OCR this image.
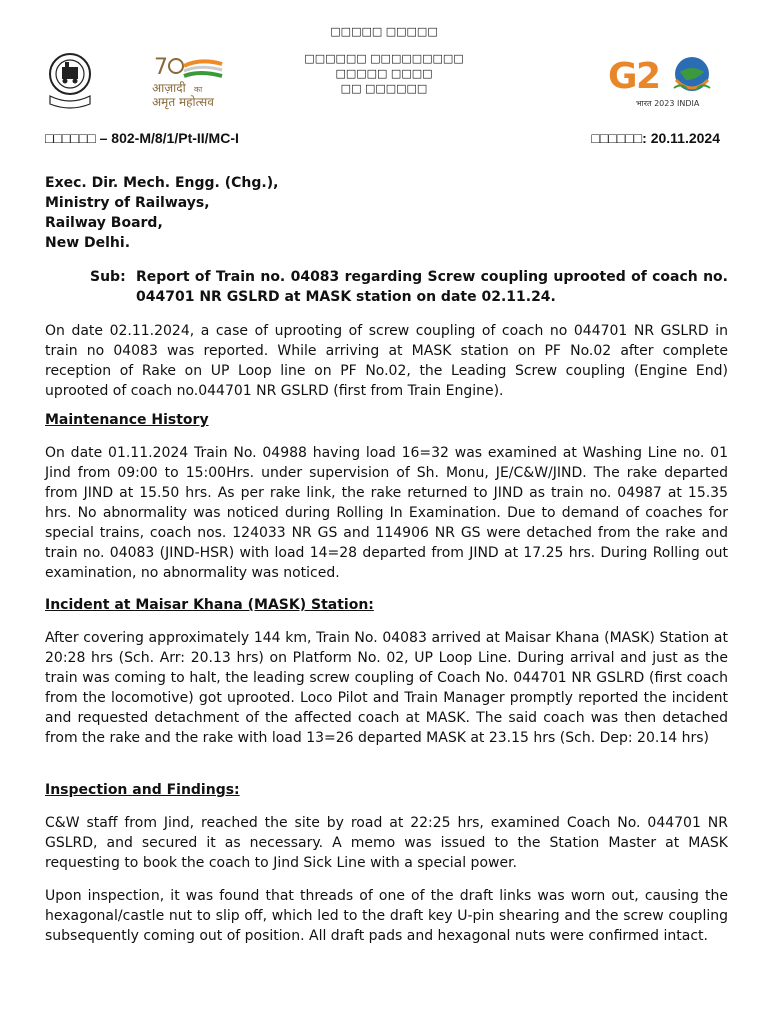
□□□□□ □□□□□
□□□□□□ □□□□□□□□□
□□□□□ □□□□
□□ □□□□□□
7
आज़ादी का
अमृत महोत्सव
G
2
भारत 2023 INDIA
□□□□□□ – 802-M/8/1/Pt-II/MC-I	□□□□□□: 20.11.2024
Exec. Dir. Mech. Engg. (Chg.),
Ministry of Railways,
Railway Board,
New Delhi.
Sub: Report of Train no. 04083 regarding Screw coupling uprooted of coach no. 044701 NR GSLRD at MASK station on date 02.11.24.
On date 02.11.2024, a case of uprooting of screw coupling of coach no 044701 NR GSLRD in train no 04083 was reported. While arriving at MASK station on PF No.02 after complete reception of Rake on UP Loop line on PF No.02, the Leading Screw coupling (Engine End) uprooted of coach no.044701 NR GSLRD (first from Train Engine).
Maintenance History
On date 01.11.2024 Train No. 04988 having load 16=32 was examined at Washing Line no. 01 Jind from 09:00 to 15:00Hrs. under supervision of Sh. Monu, JE/C&W/JIND. The rake departed from JIND at 15.50 hrs. As per rake link, the rake returned to JIND as train no. 04987 at 15.35 hrs. No abnormality was noticed during Rolling In Examination. Due to demand of coaches for special trains, coach nos. 124033 NR GS and 114906 NR GS were detached from the rake and train no. 04083 (JIND-HSR) with load 14=28 departed from JIND at 17.25 hrs. During Rolling out examination, no abnormality was noticed.
Incident at Maisar Khana (MASK) Station:
After covering approximately 144 km, Train No. 04083 arrived at Maisar Khana (MASK) Station at 20:28 hrs (Sch. Arr: 20.13 hrs) on Platform No. 02, UP Loop Line. During arrival and just as the train was coming to halt, the leading screw coupling of Coach No. 044701 NR GSLRD (first coach from the locomotive) got uprooted. Loco Pilot and Train Manager promptly reported the incident and requested detachment of the affected coach at MASK. The said coach was then detached from the rake and the rake with load 13=26 departed MASK at 23.15 hrs (Sch. Dep: 20.14 hrs)
Inspection and Findings:
C&W staff from Jind, reached the site by road at 22:25 hrs, examined Coach No. 044701 NR GSLRD, and secured it as necessary. A memo was issued to the Station Master at MASK requesting to book the coach to Jind Sick Line with a special power.
Upon inspection, it was found that threads of one of the draft links was worn out, causing the hexagonal/castle nut to slip off, which led to the draft key U-pin shearing and the screw coupling subsequently coming out of position. All draft pads and hexagonal nuts were confirmed intact.
